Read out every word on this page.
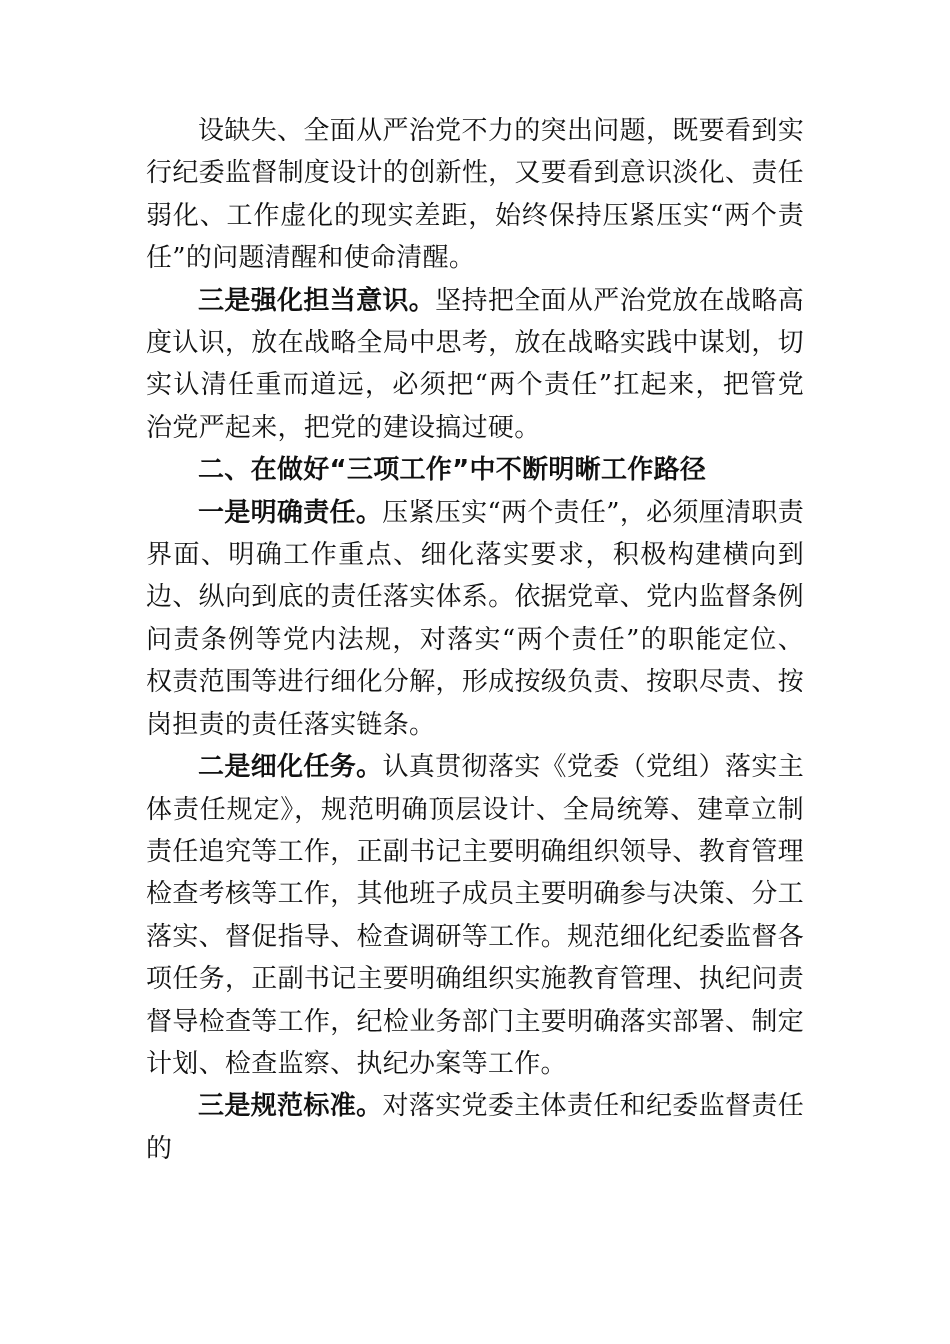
设缺失、全面从严治党不力的突出问题，既要看到实行纪委监督制度设计的创新性，又要看到意识淡化、责任弱化、工作虚化的现实差距，始终保持压紧压实“两个责任”的问题清醒和使命清醒。

三是强化担当意识。坚持把全面从严治党放在战略高度认识，放在战略全局中思考，放在战略实践中谋划，切实认清任重而道远，必须把“两个责任”扛起来，把管党治党严起来，把党的建设搞过硬。

二、在做好“三项工作”中不断明晰工作路径

一是明确责任。压紧压实“两个责任”，必须厘清职责界面、明确工作重点、细化落实要求，积极构建横向到边、纵向到底的责任落实体系。依据党章、党内监督条例问责条例等党内法规，对落实“两个责任”的职能定位、权责范围等进行细化分解，形成按级负责、按职尽责、按岗担责的责任落实链条。

二是细化任务。认真贯彻落实《党委（党组）落实主体责任规定》，规范明确顶层设计、全局统筹、建章立制责任追究等工作，正副书记主要明确组织领导、教育管理检查考核等工作，其他班子成员主要明确参与决策、分工落实、督促指导、检查调研等工作。规范细化纪委监督各项任务，正副书记主要明确组织实施教育管理、执纪问责督导检查等工作，纪检业务部门主要明确落实部署、制定计划、检查监察、执纪办案等工作。

三是规范标准。对落实党委主体责任和纪委监督责任的
